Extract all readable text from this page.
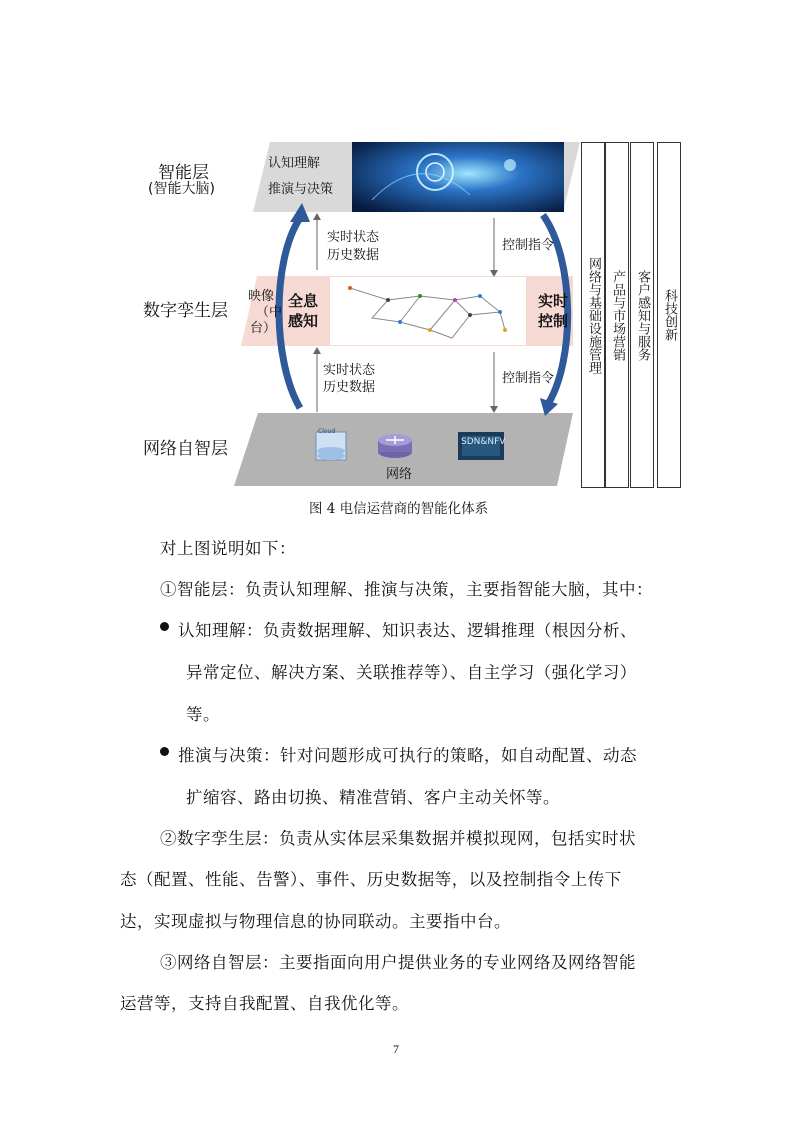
智能层
(智能大脑)
认知理解
推演与决策
实时状态
历史数据
控制指令
数字孪生层
映像
（中
台）
全息
感知
实时
控制
实时状态
历史数据
控制指令
网络自智层
Cloud
SDN&NFV
网络
网络与基础设施管理 产品与市场营销 客户感知与服务 科技创新
图 4 电信运营商的智能化体系
对上图说明如下：
①智能层：负责认知理解、推演与决策，主要指智能大脑，其中：
认知理解：负责数据理解、知识表达、逻辑推理（根因分析、
异常定位、解决方案、关联推荐等）、自主学习（强化学习）
等。
推演与决策：针对问题形成可执行的策略，如自动配置、动态
扩缩容、路由切换、精准营销、客户主动关怀等。
②数字孪生层：负责从实体层采集数据并模拟现网，包括实时状
态（配置、性能、告警）、事件、历史数据等，以及控制指令上传下
达，实现虚拟与物理信息的协同联动。主要指中台。
③网络自智层：主要指面向用户提供业务的专业网络及网络智能
运营等，支持自我配置、自我优化等。
7
